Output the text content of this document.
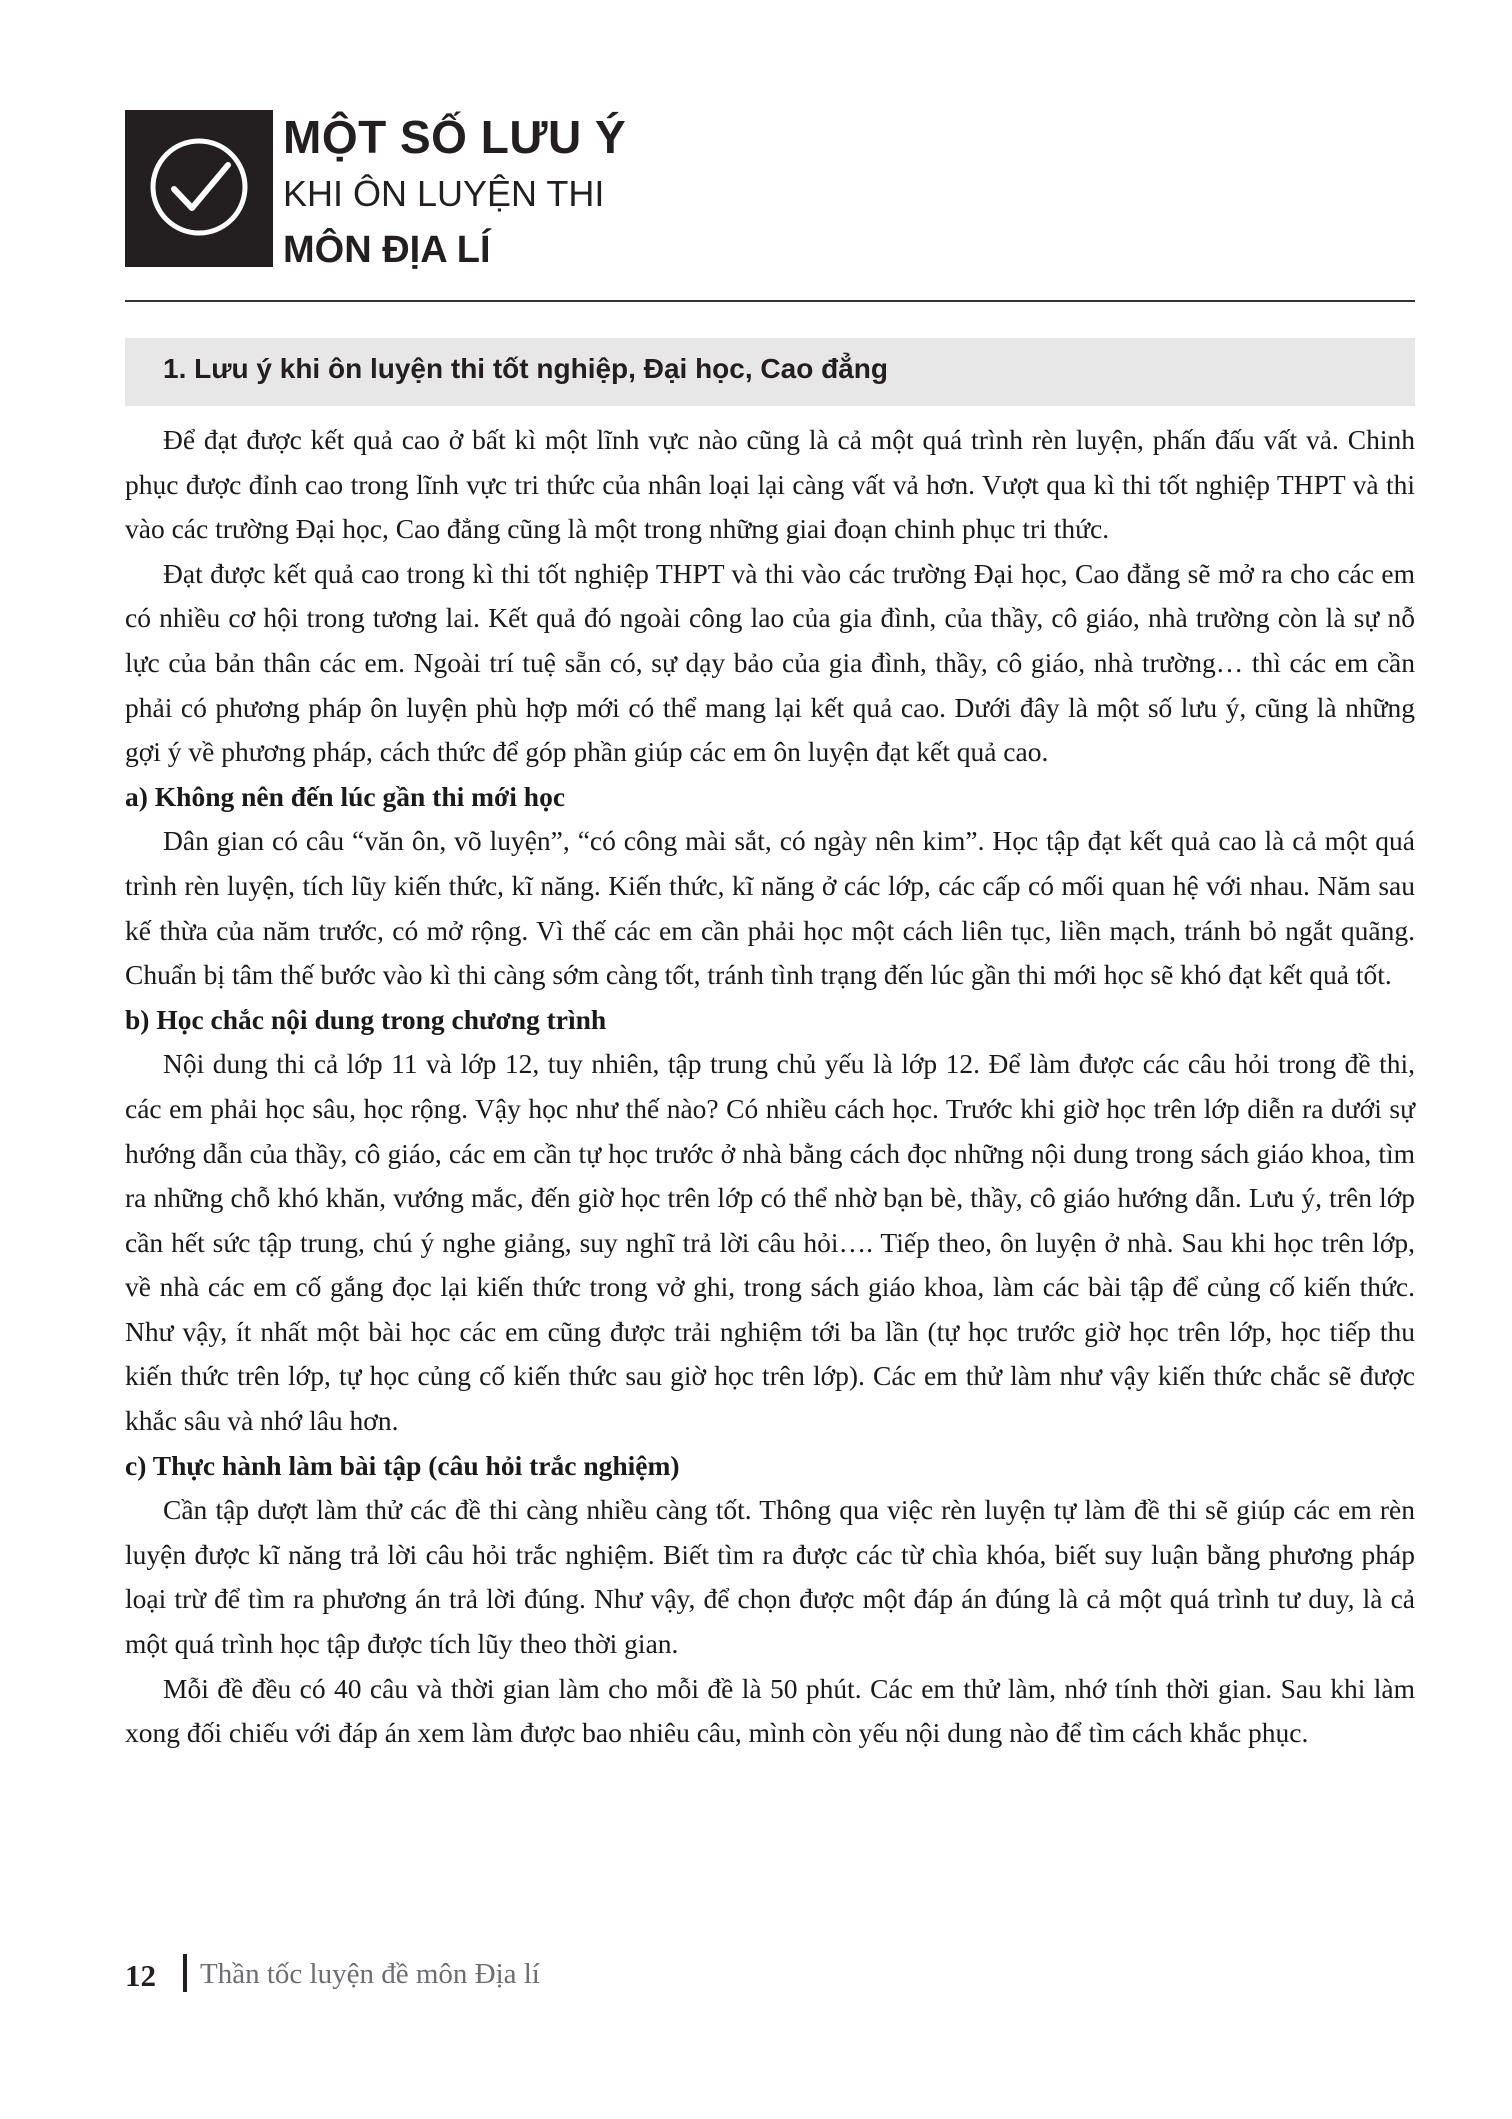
MỘT SỐ LƯU Ý
KHI ÔN LUYỆN THI
MÔN ĐỊA LÍ
1. Lưu ý khi ôn luyện thi tốt nghiệp, Đại học, Cao đẳng

Để đạt được kết quả cao ở bất kì một lĩnh vực nào cũng là cả một quá trình rèn luyện, phấn đấu vất vả. Chinh phục được đỉnh cao trong lĩnh vực tri thức của nhân loại lại càng vất vả hơn. Vượt qua kì thi tốt nghiệp THPT và thi vào các trường Đại học, Cao đẳng cũng là một trong những giai đoạn chinh phục tri thức.

Đạt được kết quả cao trong kì thi tốt nghiệp THPT và thi vào các trường Đại học, Cao đẳng sẽ mở ra cho các em có nhiều cơ hội trong tương lai. Kết quả đó ngoài công lao của gia đình, của thầy, cô giáo, nhà trường còn là sự nỗ lực của bản thân các em. Ngoài trí tuệ sẵn có, sự dạy bảo của gia đình, thầy, cô giáo, nhà trường… thì các em cần phải có phương pháp ôn luyện phù hợp mới có thể mang lại kết quả cao. Dưới đây là một số lưu ý, cũng là những gợi ý về phương pháp, cách thức để góp phần giúp các em ôn luyện đạt kết quả cao.

a) Không nên đến lúc gần thi mới học

Dân gian có câu “văn ôn, võ luyện”, “có công mài sắt, có ngày nên kim”. Học tập đạt kết quả cao là cả một quá trình rèn luyện, tích lũy kiến thức, kĩ năng. Kiến thức, kĩ năng ở các lớp, các cấp có mối quan hệ với nhau. Năm sau kế thừa của năm trước, có mở rộng. Vì thế các em cần phải học một cách liên tục, liền mạch, tránh bỏ ngắt quãng. Chuẩn bị tâm thế bước vào kì thi càng sớm càng tốt, tránh tình trạng đến lúc gần thi mới học sẽ khó đạt kết quả tốt.

b) Học chắc nội dung trong chương trình

Nội dung thi cả lớp 11 và lớp 12, tuy nhiên, tập trung chủ yếu là lớp 12. Để làm được các câu hỏi trong đề thi, các em phải học sâu, học rộng. Vậy học như thế nào? Có nhiều cách học. Trước khi giờ học trên lớp diễn ra dưới sự hướng dẫn của thầy, cô giáo, các em cần tự học trước ở nhà bằng cách đọc những nội dung trong sách giáo khoa, tìm ra những chỗ khó khăn, vướng mắc, đến giờ học trên lớp có thể nhờ bạn bè, thầy, cô giáo hướng dẫn. Lưu ý, trên lớp cần hết sức tập trung, chú ý nghe giảng, suy nghĩ trả lời câu hỏi…. Tiếp theo, ôn luyện ở nhà. Sau khi học trên lớp, về nhà các em cố gắng đọc lại kiến thức trong vở ghi, trong sách giáo khoa, làm các bài tập để củng cố kiến thức. Như vậy, ít nhất một bài học các em cũng được trải nghiệm tới ba lần (tự học trước giờ học trên lớp, học tiếp thu kiến thức trên lớp, tự học củng cố kiến thức sau giờ học trên lớp). Các em thử làm như vậy kiến thức chắc sẽ được khắc sâu và nhớ lâu hơn.

c) Thực hành làm bài tập (câu hỏi trắc nghiệm)

Cần tập dượt làm thử các đề thi càng nhiều càng tốt. Thông qua việc rèn luyện tự làm đề thi sẽ giúp các em rèn luyện được kĩ năng trả lời câu hỏi trắc nghiệm. Biết tìm ra được các từ chìa khóa, biết suy luận bằng phương pháp loại trừ để tìm ra phương án trả lời đúng. Như vậy, để chọn được một đáp án đúng là cả một quá trình tư duy, là cả một quá trình học tập được tích lũy theo thời gian.

Mỗi đề đều có 40 câu và thời gian làm cho mỗi đề là 50 phút. Các em thử làm, nhớ tính thời gian. Sau khi làm xong đối chiếu với đáp án xem làm được bao nhiêu câu, mình còn yếu nội dung nào để tìm cách khắc phục.

12 Thần tốc luyện đề môn Địa lí
